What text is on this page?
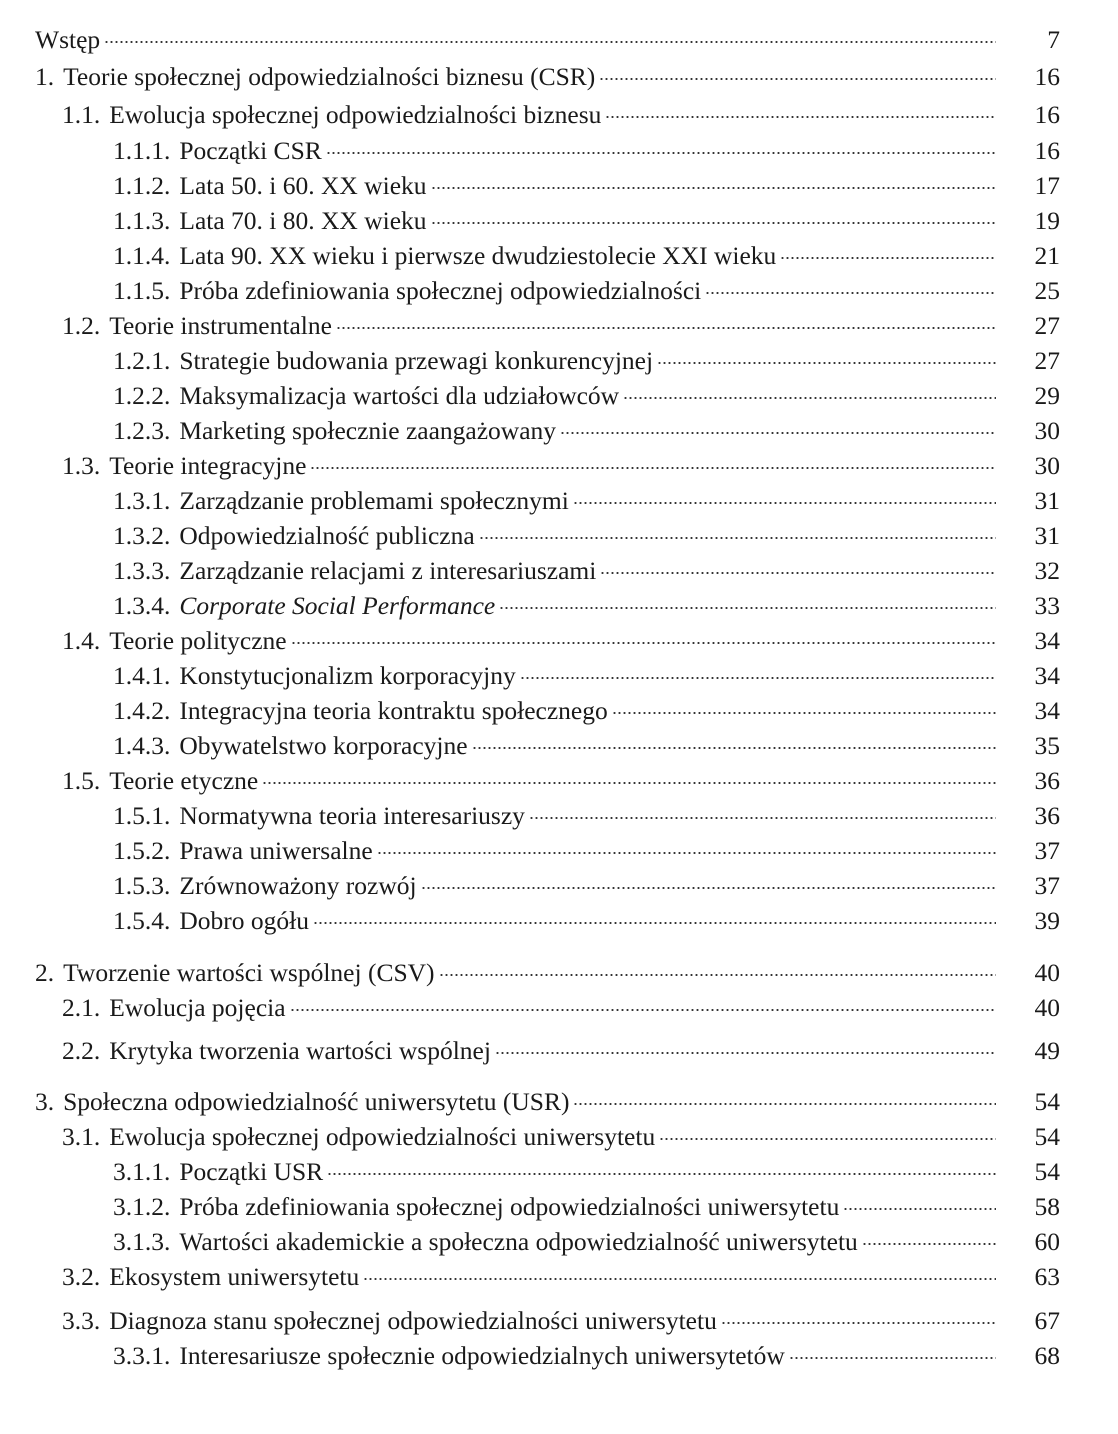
Wstęp	7
1. Teorie społecznej odpowiedzialności biznesu (CSR)	16
1.1. Ewolucja społecznej odpowiedzialności biznesu	16
1.1.1. Początki CSR	16
1.1.2. Lata 50. i 60. XX wieku	17
1.1.3. Lata 70. i 80. XX wieku	19
1.1.4. Lata 90. XX wieku i pierwsze dwudziestolecie XXI wieku	21
1.1.5. Próba zdefiniowania społecznej odpowiedzialności	25
1.2. Teorie instrumentalne	27
1.2.1. Strategie budowania przewagi konkurencyjnej	27
1.2.2. Maksymalizacja wartości dla udziałowców	29
1.2.3. Marketing społecznie zaangażowany	30
1.3. Teorie integracyjne	30
1.3.1. Zarządzanie problemami społecznymi	31
1.3.2. Odpowiedzialność publiczna	31
1.3.3. Zarządzanie relacjami z interesariuszami	32
1.3.4. Corporate Social Performance	33
1.4. Teorie polityczne	34
1.4.1. Konstytucjonalizm korporacyjny	34
1.4.2. Integracyjna teoria kontraktu społecznego	34
1.4.3. Obywatelstwo korporacyjne	35
1.5. Teorie etyczne	36
1.5.1. Normatywna teoria interesariuszy	36
1.5.2. Prawa uniwersalne	37
1.5.3. Zrównoważony rozwój	37
1.5.4. Dobro ogółu	39
2. Tworzenie wartości wspólnej (CSV)	40
2.1. Ewolucja pojęcia	40
2.2. Krytyka tworzenia wartości wspólnej	49
3. Społeczna odpowiedzialność uniwersytetu (USR)	54
3.1. Ewolucja społecznej odpowiedzialności uniwersytetu	54
3.1.1. Początki USR	54
3.1.2. Próba zdefiniowania społecznej odpowiedzialności uniwersytetu	58
3.1.3. Wartości akademickie a społeczna odpowiedzialność uniwersytetu	60
3.2. Ekosystem uniwersytetu	63
3.3. Diagnoza stanu społecznej odpowiedzialności uniwersytetu	67
3.3.1. Interesariusze społecznie odpowiedzialnych uniwersytetów	68
